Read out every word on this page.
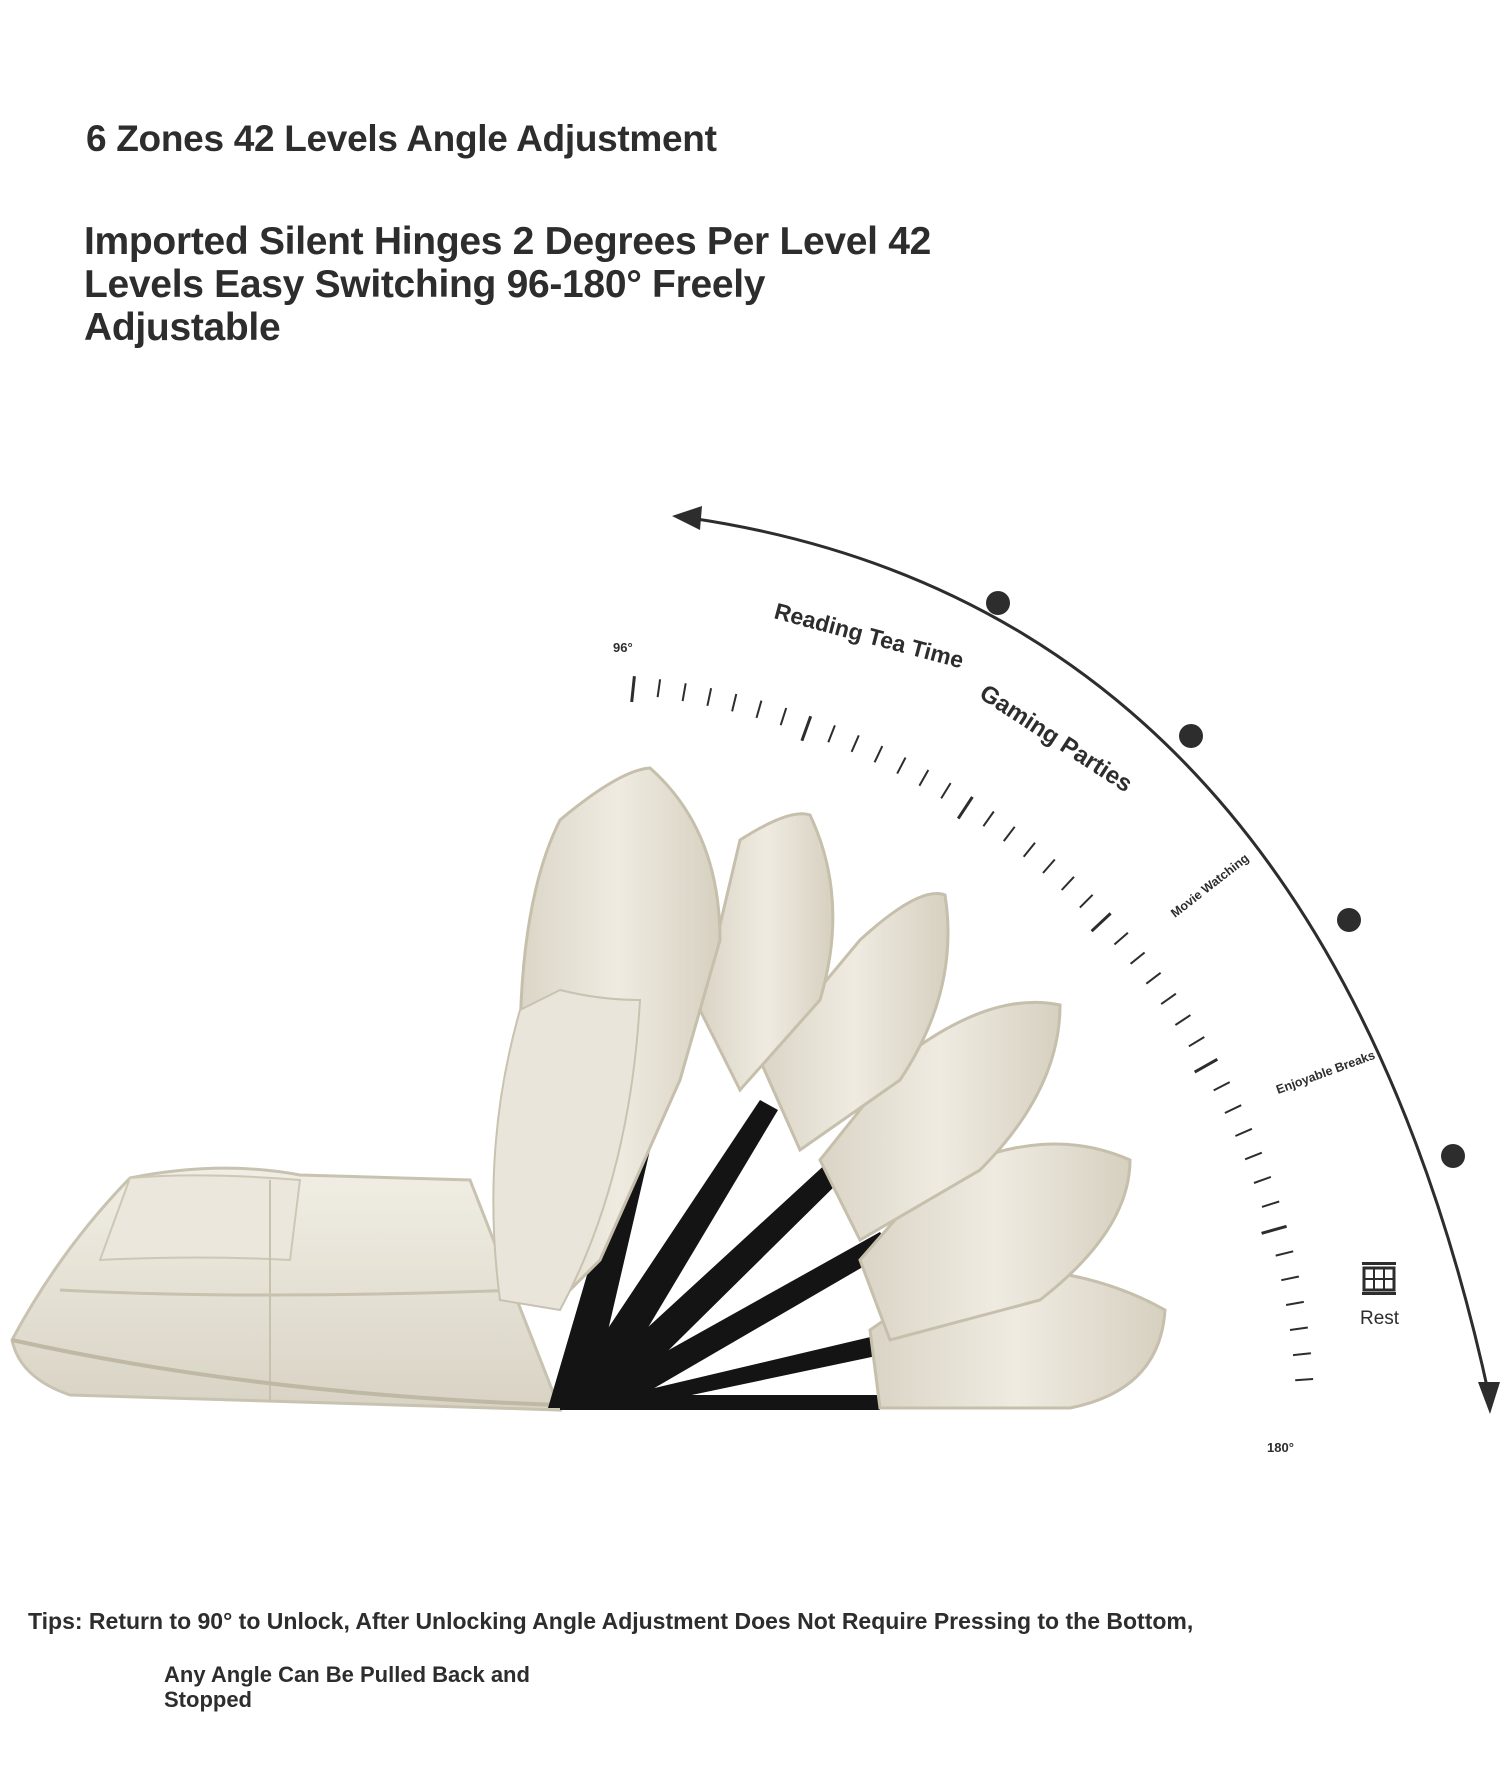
6 Zones 42 Levels Angle Adjustment
Imported Silent Hinges 2 Degrees Per Level 42 Levels Easy Switching 96-180° Freely Adjustable
96°
180°
Reading Tea Time
Gaming Parties
Movie Watching
Enjoyable Breaks
Rest

Tips: Return to 90° to Unlock, After Unlocking Angle Adjustment Does Not Require Pressing to the Bottom,

Any Angle Can Be Pulled Back and Stopped
